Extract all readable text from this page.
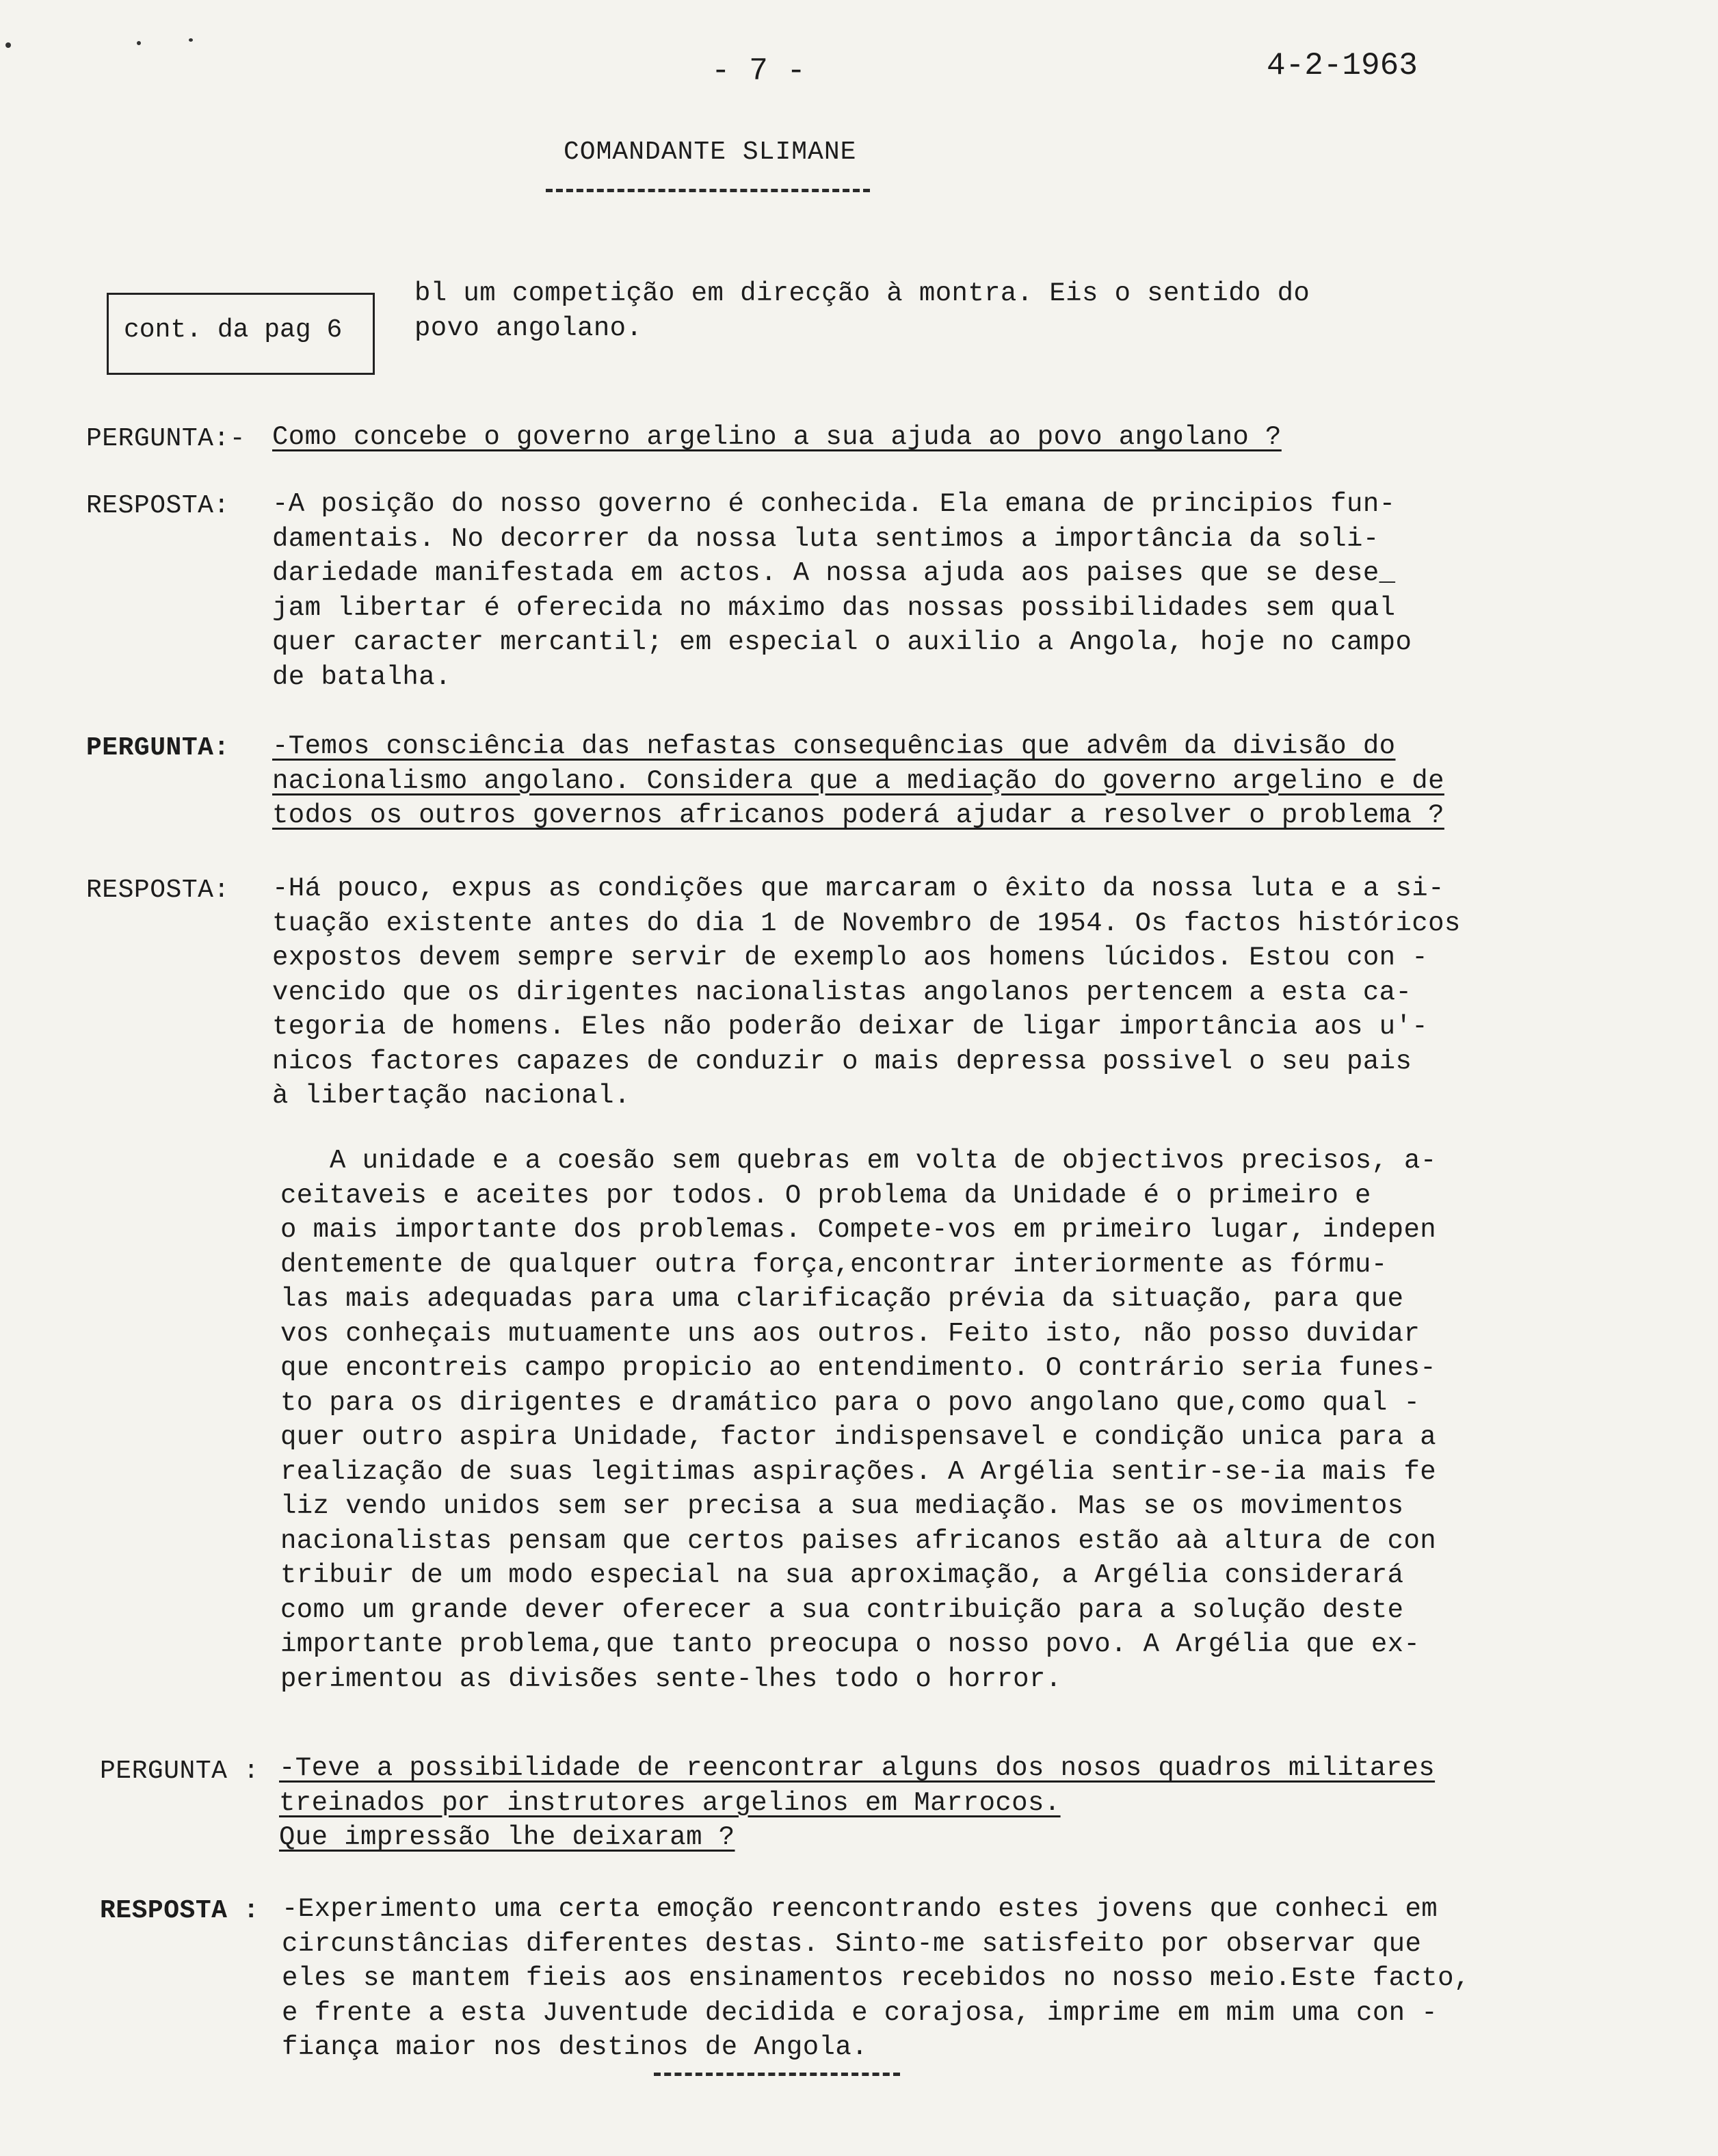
- 7 -	4-2-1963
COMANDANTE SLIMANE
cont. da pag 6
bl um competição em direcção à montra. Eis o sentido do
povo angolano.
PERGUNTA:- Como concebe o governo argelino a sua ajuda ao povo angolano ?
RESPOSTA: -A posição do nosso governo é conhecida. Ela emana de principios fun-
damentais. No decorrer da nossa luta sentimos a importância da soli-
dariedade manifestada em actos. A nossa ajuda aos paises que se dese_
jam libertar é oferecida no máximo das nossas possibilidades sem qual
quer caracter mercantil; em especial o auxilio a Angola, hoje no campo
de batalha.
PERGUNTA: -Temos consciência das nefastas consequências que advêm da divisão do
nacionalismo angolano. Considera que a mediação do governo argelino e de
todos os outros governos africanos poderá ajudar a resolver o problema ?
RESPOSTA: -Há pouco, expus as condições que marcaram o êxito da nossa luta e a si-
tuação existente antes do dia 1 de Novembro de 1954. Os factos históricos
expostos devem sempre servir de exemplo aos homens lúcidos. Estou con -
vencido que os dirigentes nacionalistas angolanos pertencem a esta ca-
tegoria de homens. Eles não poderão deixar de ligar importância aos u'-
nicos factores capazes de conduzir o mais depressa possivel o seu pais
à libertação nacional.
A unidade e a coesão sem quebras em volta de objectivos precisos, a-
ceitaveis e aceites por todos. O problema da Unidade é o primeiro e
o mais importante dos problemas. Compete-vos em primeiro lugar, indepen
dentemente de qualquer outra força,encontrar interiormente as fórmu-
las mais adequadas para uma clarificação prévia da situação, para que
vos conheçais mutuamente uns aos outros. Feito isto, não posso duvidar
que encontreis campo propicio ao entendimento. O contrário seria funes-
to para os dirigentes e dramático para o povo angolano que,como qual -
quer outro aspira Unidade, factor indispensavel e condição unica para a
realização de suas legitimas aspirações. A Argélia sentir-se-ia mais fe
liz vendo unidos sem ser precisa a sua mediação. Mas se os movimentos
nacionalistas pensam que certos paises africanos estão aà altura de con
tribuir de um modo especial na sua aproximação, a Argélia considerará
como um grande dever oferecer a sua contribuição para a solução deste
importante problema,que tanto preocupa o nosso povo. A Argélia que ex-
perimentou as divisões sente-lhes todo o horror.
PERGUNTA : -Teve a possibilidade de reencontrar alguns dos nosos quadros militares
treinados por instrutores argelinos em Marrocos.
Que impressão lhe deixaram ?
RESPOSTA : -Experimento uma certa emoção reencontrando estes jovens que conheci em
circunstâncias diferentes destas. Sinto-me satisfeito por observar que
eles se mantem fieis aos ensinamentos recebidos no nosso meio.Este facto,
e frente a esta Juventude decidida e corajosa, imprime em mim uma con -
fiança maior nos destinos de Angola.
